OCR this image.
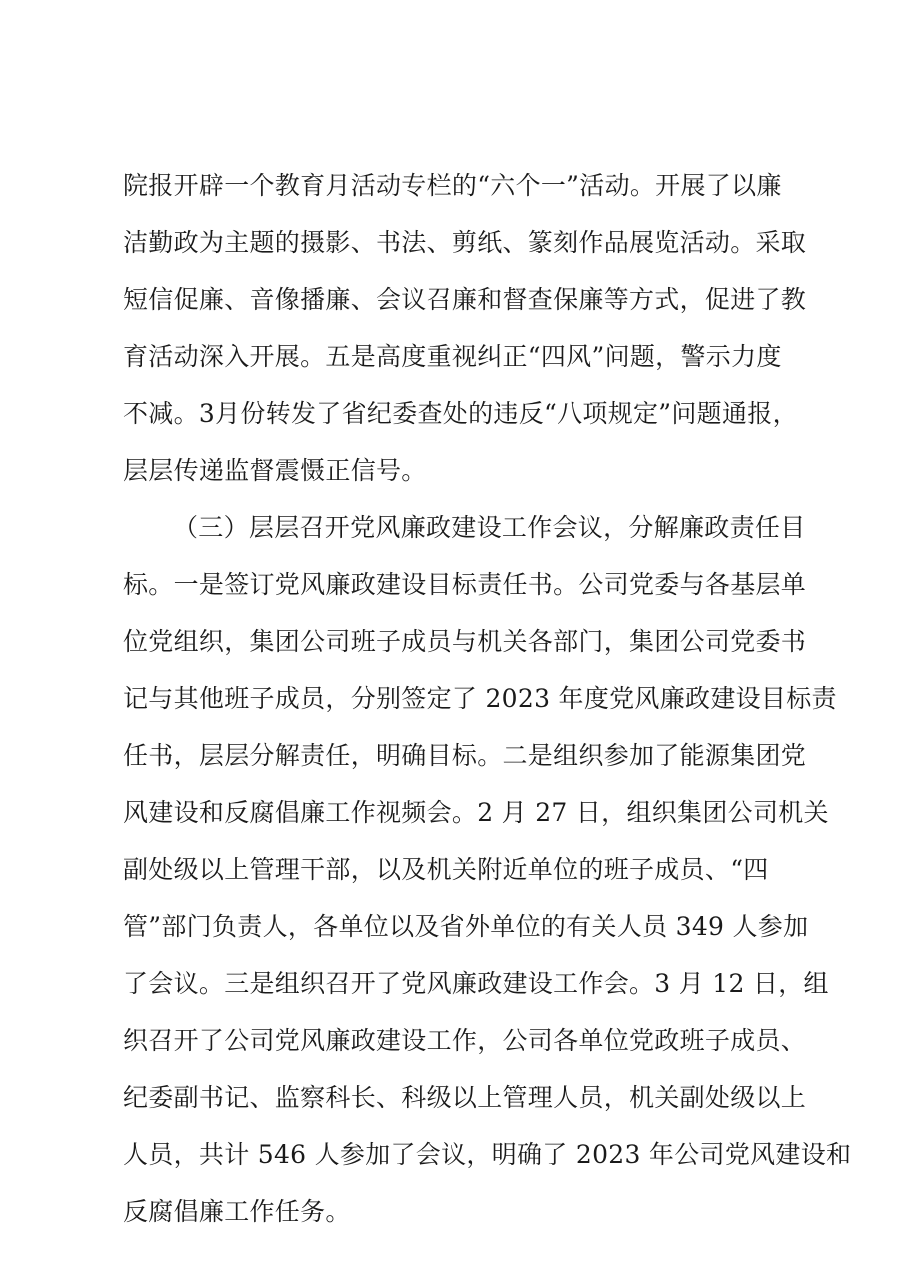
院报开辟一个教育月活动专栏的“六个一”活动。开展了以廉
洁勤政为主题的摄影、书法、剪纸、篆刻作品展览活动。采取
短信促廉、音像播廉、会议召廉和督查保廉等方式，促进了教
育活动深入开展。五是高度重视纠正“四风”问题，警示力度
不减。3月份转发了省纪委查处的违反“八项规定”问题通报，
层层传递监督震慑正信号。
（三）层层召开党风廉政建设工作会议，分解廉政责任目
标。一是签订党风廉政建设目标责任书。公司党委与各基层单
位党组织，集团公司班子成员与机关各部门，集团公司党委书
记与其他班子成员，分别签定了 2023 年度党风廉政建设目标责
任书，层层分解责任，明确目标。二是组织参加了能源集团党
风建设和反腐倡廉工作视频会。2 月 27 日，组织集团公司机关
副处级以上管理干部，以及机关附近单位的班子成员、“四
管”部门负责人，各单位以及省外单位的有关人员 349 人参加
了会议。三是组织召开了党风廉政建设工作会。3 月 12 日，组
织召开了公司党风廉政建设工作，公司各单位党政班子成员、
纪委副书记、监察科长、科级以上管理人员，机关副处级以上
人员，共计 546 人参加了会议，明确了 2023 年公司党风建设和
反腐倡廉工作任务。
